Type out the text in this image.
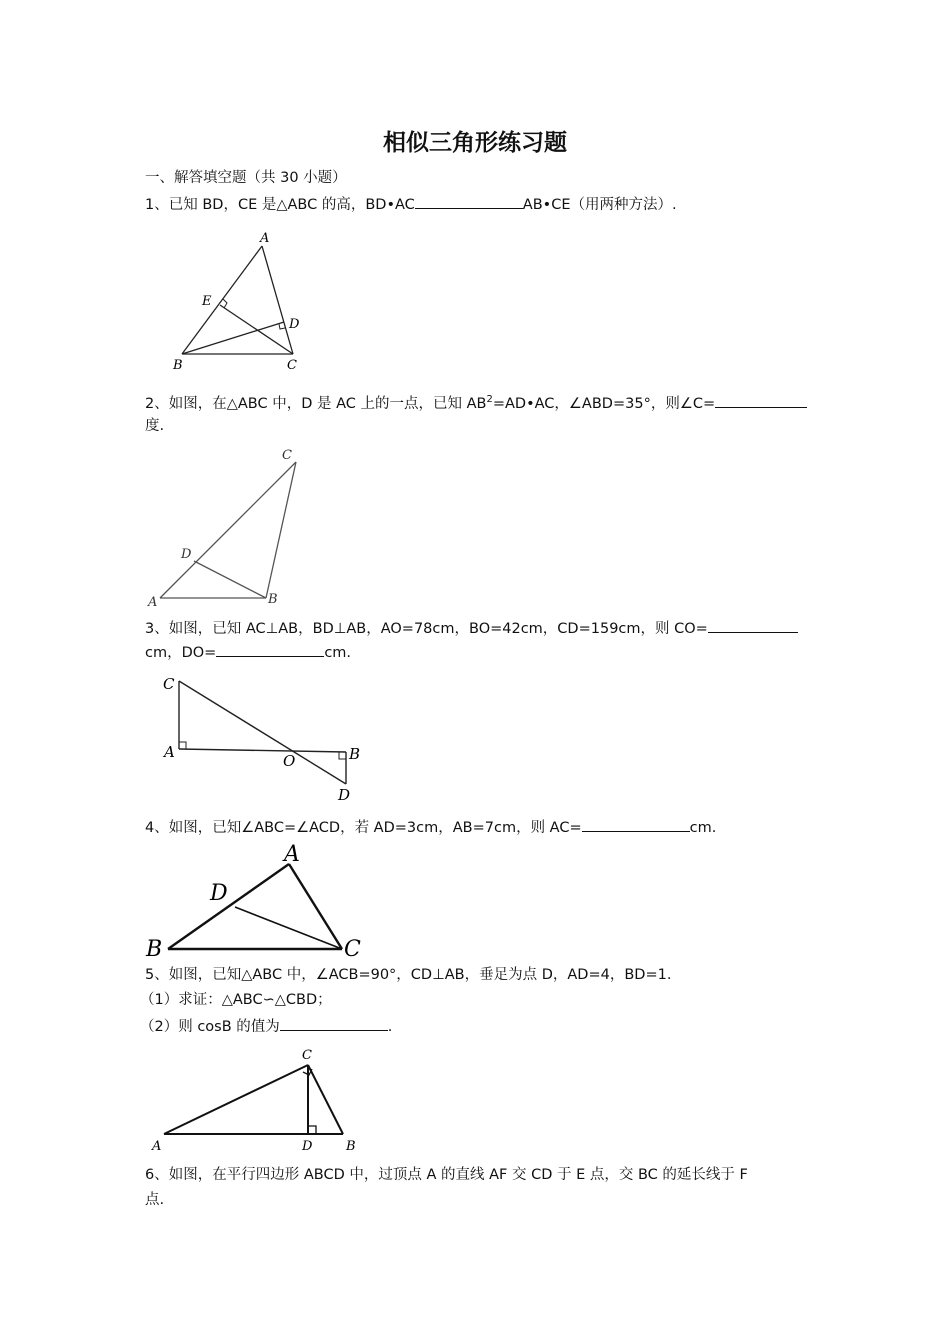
相似三角形练习题
一、解答填空题（共 30 小题）
1、已知 BD，CE 是△ABC 的高，BD•AC	AB•CE（用两种方法）.
A
E
D
B	C
2、如图，在△ABC 中，D 是 AC 上的一点，已知 $AB^2=AD•AC$，∠ABD=35°，则∠C=
度.
A	B
C
D
3、如图，已知 AC⊥AB，BD⊥AB，AO=78cm，BO=42cm，CD=159cm，则 CO=
cm，DO=	cm.
C
A	O	B
D
4、如图，已知∠ABC=∠ACD，若 AD=3cm，AB=7cm，则 AC=	cm.
A
D
B	C
5、如图，已知△ABC 中，∠ACB=90°，CD⊥AB，垂足为点 D，AD=4，BD=1.
（1）求证：△ABC∽△CBD；
（2）则 cosB 的值为	.
A
C
D	B
6、如图，在平行四边形 ABCD 中，过顶点 A 的直线 AF 交 CD 于 E 点，交 BC 的延长线于 F
点.
